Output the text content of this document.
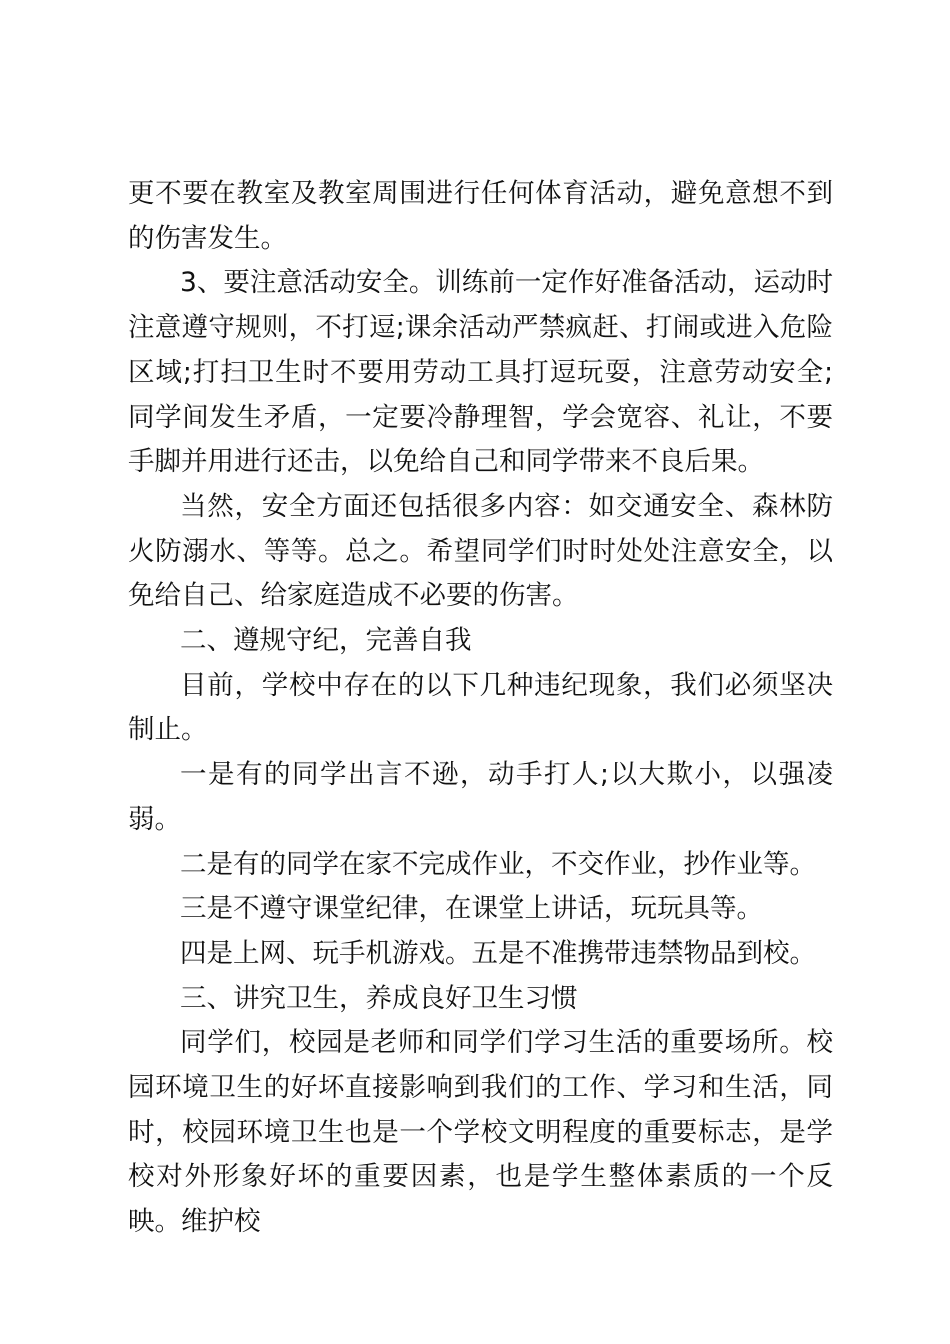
更不要在教室及教室周围进行任何体育活动，避免意想不到的伤害发生。

3、要注意活动安全。训练前一定作好准备活动，运动时注意遵守规则，不打逗;课余活动严禁疯赶、打闹或进入危险区域;打扫卫生时不要用劳动工具打逗玩耍，注意劳动安全;同学间发生矛盾，一定要冷静理智，学会宽容、礼让，不要手脚并用进行还击，以免给自己和同学带来不良后果。

当然，安全方面还包括很多内容：如交通安全、森林防火防溺水、等等。总之。希望同学们时时处处注意安全，以免给自己、给家庭造成不必要的伤害。

二、遵规守纪，完善自我

目前，学校中存在的以下几种违纪现象，我们必须坚决制止。

一是有的同学出言不逊，动手打人;以大欺小，以强凌弱。

二是有的同学在家不完成作业，不交作业，抄作业等。

三是不遵守课堂纪律，在课堂上讲话，玩玩具等。

四是上网、玩手机游戏。五是不准携带违禁物品到校。

三、讲究卫生，养成良好卫生习惯

同学们，校园是老师和同学们学习生活的重要场所。校园环境卫生的好坏直接影响到我们的工作、学习和生活，同时，校园环境卫生也是一个学校文明程度的重要标志，是学校对外形象好坏的重要因素，也是学生整体素质的一个反映。维护校
